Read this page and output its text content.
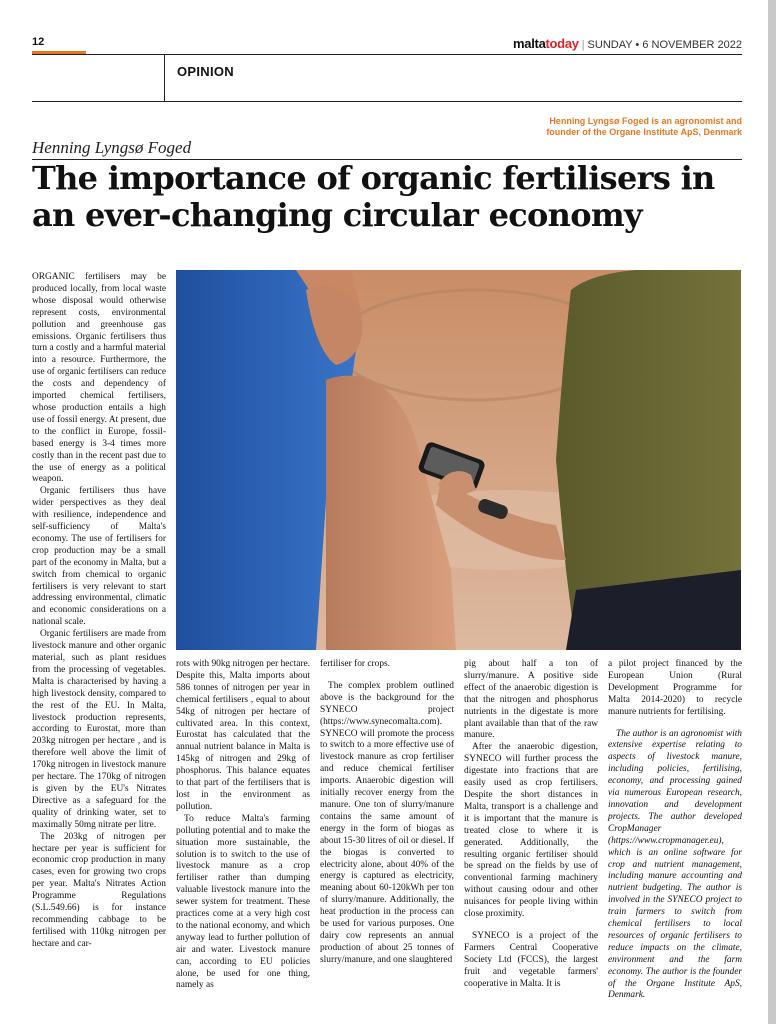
12	maltatoday | SUNDAY • 6 NOVEMBER 2022
OPINION
Henning Lyngsø Foged
Henning Lyngsø Foged is an agronomist and founder of the Organe Institute ApS, Denmark
The importance of organic fertilisers in an ever-changing circular economy

ORGANIC fertilisers may be produced locally, from local waste whose disposal would otherwise represent costs, environmental pollution and greenhouse gas emissions. Organic fertilisers thus turn a costly and a harmful material into a resource. Furthermore, the use of organic fertilisers can reduce the costs and dependency of imported chemical fertilisers, whose production entails a high use of fossil energy. At present, due to the conflict in Europe, fossil-based energy is 3-4 times more costly than in the recent past due to the use of energy as a political weapon.

Organic fertilisers thus have wider perspectives as they deal with resilience, independence and self-sufficiency of Malta's economy. The use of fertilisers for crop production may be a small part of the economy in Malta, but a switch from chemical to organic fertilisers is very relevant to start addressing environmental, climatic and economic considerations on a national scale.

Organic fertilisers are made from livestock manure and other organic material, such as plant residues from the processing of vegetables. Malta is characterised by having a high livestock density, compared to the rest of the EU. In Malta, livestock production represents, according to Eurostat, more than 203kg nitrogen per hectare , and is therefore well above the limit of 170kg nitrogen in livestock manure per hectare. The 170kg of nitrogen is given by the EU's Nitrates Directive as a safeguard for the quality of drinking water, set to maximally 50mg nitrate per litre.

The 203kg of nitrogen per hectare per year is sufficient for economic crop production in many cases, even for growing two crops per year. Malta's Nitrates Action Programme Regulations (S.L.549.66) is for instance recommending cabbage to be fertilised with 110kg nitrogen per hectare and car-

rots with 90kg nitrogen per hectare. Despite this, Malta imports about 586 tonnes of nitrogen per year in chemical fertilisers , equal to about 54kg of nitrogen per hectare of cultivated area. In this context, Eurostat has calculated that the annual nutrient balance in Malta is 145kg of nitrogen and 29kg of phosphorus. This balance equates to that part of the fertilisers that is lost in the environment as pollution.

To reduce Malta's farming polluting potential and to make the situation more sustainable, the solution is to switch to the use of livestock manure as a crop fertiliser rather than dumping valuable livestock manure into the sewer system for treatment. These practices come at a very high cost to the national economy, and which anyway lead to further pollution of air and water. Livestock manure can, according to EU policies alone, be used for one thing, namely as

fertiliser for crops.

The complex problem outlined above is the background for the SYNECO project (https://www.synecomalta.com). SYNECO will promote the process to switch to a more effective use of livestock manure as crop fertiliser and reduce chemical fertiliser imports. Anaerobic digestion will initially recover energy from the manure. One ton of slurry/manure contains the same amount of energy in the form of biogas as about 15-30 litres of oil or diesel. If the biogas is converted to electricity alone, about 40% of the energy is captured as electricity, meaning about 60-120kWh per ton of slurry/manure. Additionally, the heat production in the process can be used for various purposes. One dairy cow represents an annual production of about 25 tonnes of slurry/manure, and one slaughtered

pig about half a ton of slurry/manure. A positive side effect of the anaerobic digestion is that the nitrogen and phosphorus nutrients in the digestate is more plant available than that of the raw manure.

After the anaerobic digestion, SYNECO will further process the digestate into fractions that are easily used as crop fertilisers. Despite the short distances in Malta, transport is a challenge and it is important that the manure is treated close to where it is generated. Additionally, the resulting organic fertiliser should be spread on the fields by use of conventional farming machinery without causing odour and other nuisances for people living within close proximity.

SYNECO is a project of the Farmers Central Cooperative Society Ltd (FCCS), the largest fruit and vegetable farmers' cooperative in Malta. It is

a pilot project financed by the European Union (Rural Development Programme for Malta 2014-2020) to recycle manure nutrients for fertilising.

The author is an agronomist with extensive expertise relating to aspects of livestock manure, including policies, fertilising, economy, and processing gained via numerous European research, innovation and development projects. The author developed CropManager (https://www.cropmanager.eu), which is an online software for crop and nutrient management, including manure accounting and nutrient budgeting. The author is involved in the SYNECO project to train farmers to switch from chemical fertilisers to local resources of organic fertilisers to reduce impacts on the climate, environment and the farm economy. The author is the founder of the Organe Institute ApS, Denmark.
